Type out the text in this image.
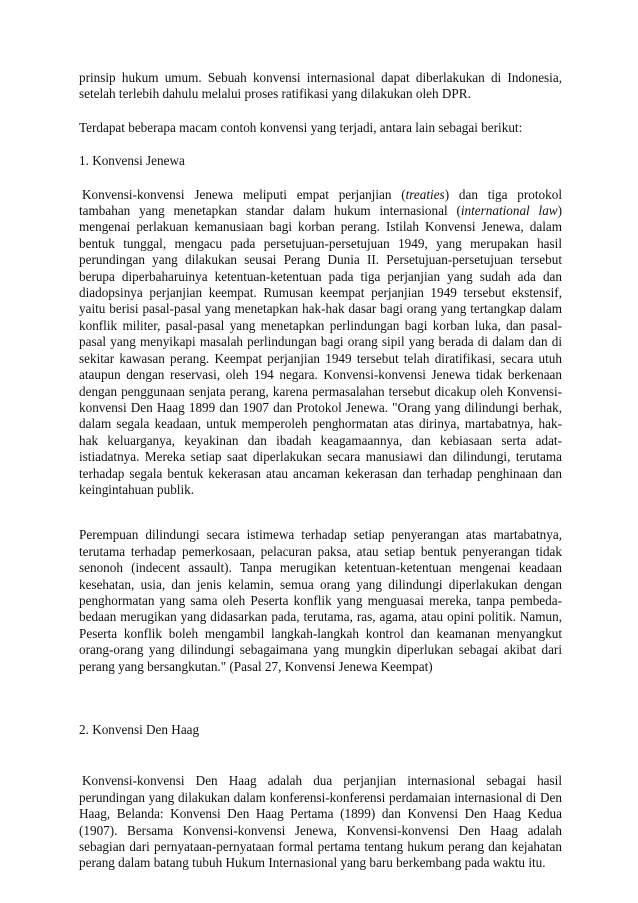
prinsip hukum umum. Sebuah konvensi internasional dapat diberlakukan di Indonesia, setelah terlebih dahulu melalui proses ratifikasi yang dilakukan oleh DPR.

Terdapat beberapa macam contoh konvensi yang terjadi, antara lain sebagai berikut:

1. Konvensi Jenewa

Konvensi-konvensi Jenewa meliputi empat perjanjian (treaties) dan tiga protokol tambahan yang menetapkan standar dalam hukum internasional (international law) mengenai perlakuan kemanusiaan bagi korban perang. Istilah Konvensi Jenewa, dalam bentuk tunggal, mengacu pada persetujuan-persetujuan 1949, yang merupakan hasil perundingan yang dilakukan seusai Perang Dunia II. Persetujuan-persetujuan tersebut berupa diperbaharuinya ketentuan-ketentuan pada tiga perjanjian yang sudah ada dan diadopsinya perjanjian keempat. Rumusan keempat perjanjian 1949 tersebut ekstensif, yaitu berisi pasal-pasal yang menetapkan hak-hak dasar bagi orang yang tertangkap dalam konflik militer, pasal-pasal yang menetapkan perlindungan bagi korban luka, dan pasal-pasal yang menyikapi masalah perlindungan bagi orang sipil yang berada di dalam dan di sekitar kawasan perang. Keempat perjanjian 1949 tersebut telah diratifikasi, secara utuh ataupun dengan reservasi, oleh 194 negara. Konvensi-konvensi Jenewa tidak berkenaan dengan penggunaan senjata perang, karena permasalahan tersebut dicakup oleh Konvensi-konvensi Den Haag 1899 dan 1907 dan Protokol Jenewa. "Orang yang dilindungi berhak, dalam segala keadaan, untuk memperoleh penghormatan atas dirinya, martabatnya, hak-hak keluarganya, keyakinan dan ibadah keagamaannya, dan kebiasaan serta adat-istiadatnya. Mereka setiap saat diperlakukan secara manusiawi dan dilindungi, terutama terhadap segala bentuk kekerasan atau ancaman kekerasan dan terhadap penghinaan dan keingintahuan publik.

Perempuan dilindungi secara istimewa terhadap setiap penyerangan atas martabatnya, terutama terhadap pemerkosaan, pelacuran paksa, atau setiap bentuk penyerangan tidak senonoh (indecent assault). Tanpa merugikan ketentuan-ketentuan mengenai keadaan kesehatan, usia, dan jenis kelamin, semua orang yang dilindungi diperlakukan dengan penghormatan yang sama oleh Peserta konflik yang menguasai mereka, tanpa pembeda-bedaan merugikan yang didasarkan pada, terutama, ras, agama, atau opini politik. Namun, Peserta konflik boleh mengambil langkah-langkah kontrol dan keamanan menyangkut orang-orang yang dilindungi sebagaimana yang mungkin diperlukan sebagai akibat dari perang yang bersangkutan." (Pasal 27, Konvensi Jenewa Keempat)

2. Konvensi Den Haag

Konvensi-konvensi Den Haag adalah dua perjanjian internasional sebagai hasil perundingan yang dilakukan dalam konferensi-konferensi perdamaian internasional di Den Haag, Belanda: Konvensi Den Haag Pertama (1899) dan Konvensi Den Haag Kedua (1907). Bersama Konvensi-konvensi Jenewa, Konvensi-konvensi Den Haag adalah sebagian dari pernyataan-pernyataan formal pertama tentang hukum perang dan kejahatan perang dalam batang tubuh Hukum Internasional yang baru berkembang pada waktu itu.
